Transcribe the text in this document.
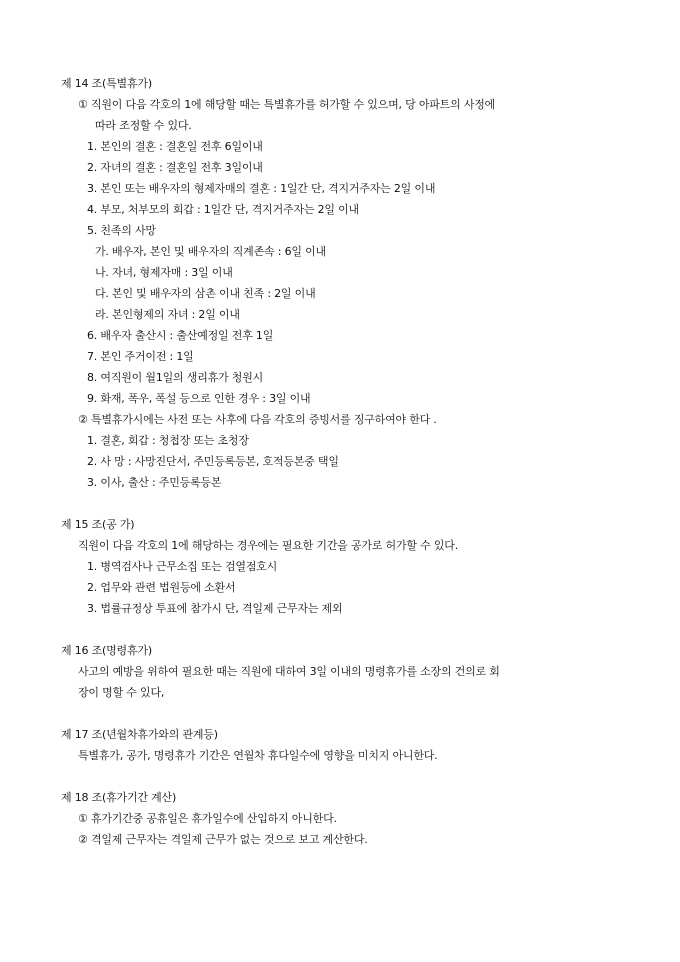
제 14 조(특별휴가)
① 직원이 다음 각호의 1에 해당할 때는 특별휴가를 허가할 수 있으며, 당 아파트의 사정에
따라 조정할 수 있다.
1. 본인의 결혼 : 결혼일 전후 6일이내
2. 자녀의 결혼 : 결혼일 전후 3일이내
3. 본인 또는 배우자의 형제자매의 결혼 : 1일간 단, 격지거주자는 2일 이내
4. 부모, 처부모의 회갑 : 1일간 단, 격지거주자는 2일 이내
5. 친족의 사망
가. 배우자, 본인 및 배우자의 직계존속 : 6일 이내
나. 자녀, 형제자매 : 3일 이내
다. 본인 및 배우자의 삼촌 이내 친족 : 2일 이내
라. 본인형제의 자녀 : 2일 이내
6. 배우자 출산시 : 출산예정일 전후 1일
7. 본인 주거이전 : 1일
8. 여직원이 월1일의 생리휴가 청원시
9. 화재, 폭우, 폭설 등으로 인한 경우 : 3일 이내
② 특별휴가시에는 사전 또는 사후에 다음 각호의 증빙서를 징구하여야 한다 .
1. 결혼, 회갑 : 청첩장 또는 초청장
2. 사 망 : 사망진단서, 주민등록등본, 호적등본중 택일
3. 이사, 출산 : 주민등록등본
제 15 조(공 가)
직원이 다음 각호의 1에 해당하는 경우에는 필요한 기간을 공가로 허가할 수 있다.
1. 병역검사나 근무소집 또는 검열점호시
2. 업무와 관련 법원등에 소환서
3. 법률규정상 투표에 참가시 단, 격일제 근무자는 제외
제 16 조(명령휴가)
사고의 예방을 위하여 필요한 때는 직원에 대하여 3일 이내의 명령휴가를 소장의 건의로 회
장이 명할 수 있다,
제 17 조(년월차휴가와의 관계등)
특별휴가, 공가, 명령휴가 기간은 연월차 휴다일수에 영향을 미치지 아니한다.
제 18 조(휴가기간 계산)
① 휴가기간중 공휴일은 휴가일수에 산입하지 아니한다.
② 격일제 근무자는 격일제 근무가 없는 것으로 보고 계산한다.
